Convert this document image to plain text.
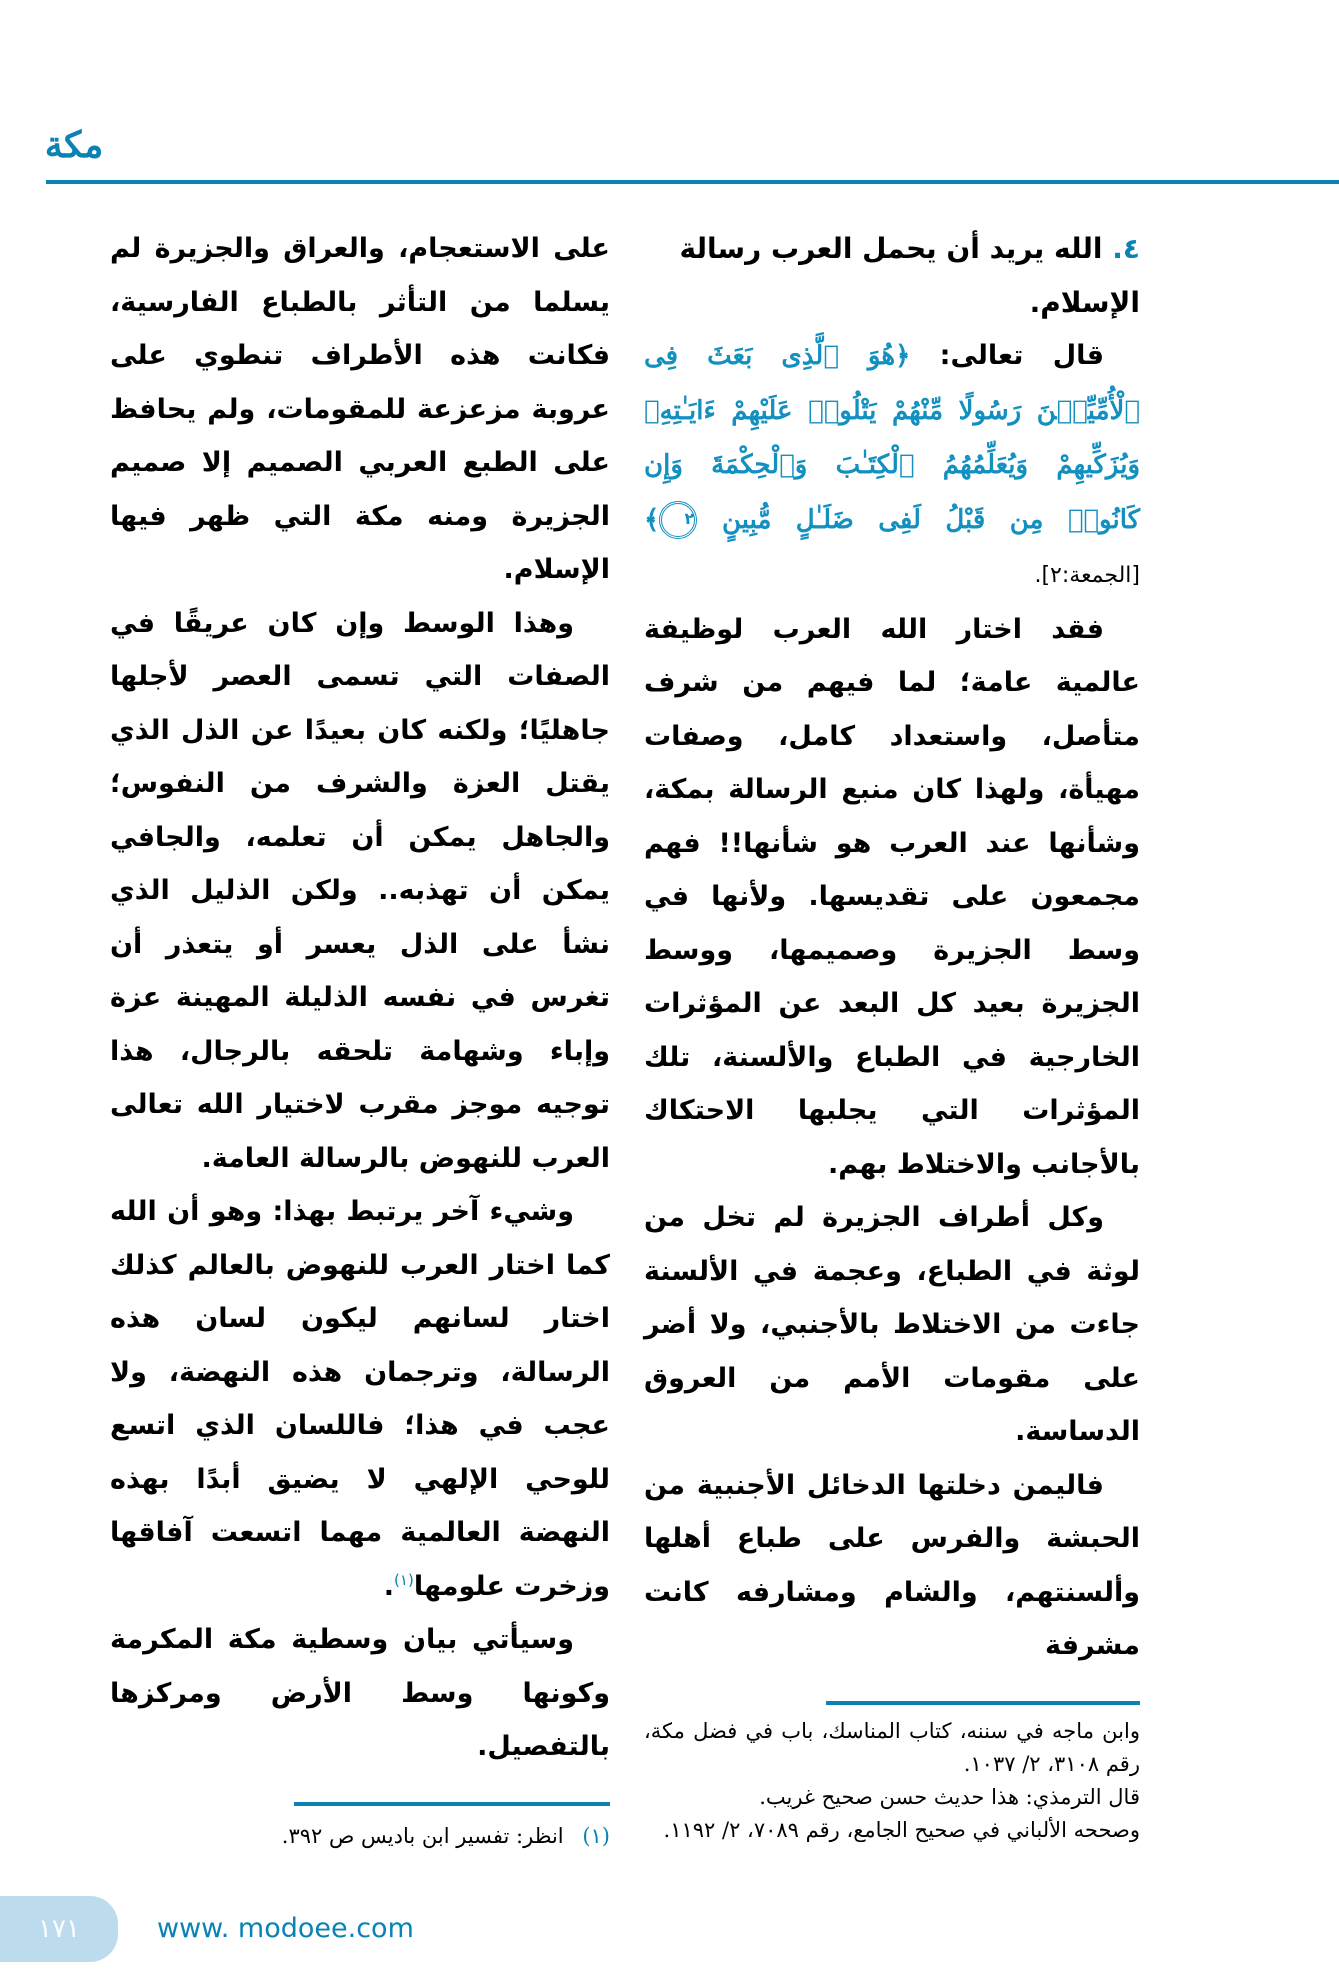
مكة

٤. الله يريد أن يحمل العرب رسالة الإسلام.

قال تعالى: ﴿هُوَ ٱلَّذِى بَعَثَ فِى ٱلْأُمِّيِّـۧنَ رَسُولًا مِّنْهُمْ يَتْلُوا۟ عَلَيْهِمْ ءَايَـٰتِهِۦ وَيُزَكِّيهِمْ وَيُعَلِّمُهُمُ ٱلْكِتَـٰبَ وَٱلْحِكْمَةَ وَإِن كَانُوا۟ مِن قَبْلُ لَفِى ضَلَـٰلٍ مُّبِينٍ ٢﴾ [الجمعة:٢].

فقد اختار الله العرب لوظيفة عالمية عامة؛ لما فيهم من شرف متأصل، واستعداد كامل، وصفات مهيأة، ولهذا كان منبع الرسالة بمكة، وشأنها عند العرب هو شأنها!! فهم مجمعون على تقديسها. ولأنها في وسط الجزيرة وصميمها، ووسط الجزيرة بعيد كل البعد عن المؤثرات الخارجية في الطباع والألسنة، تلك المؤثرات التي يجلبها الاحتكاك بالأجانب والاختلاط بهم.

وكل أطراف الجزيرة لم تخل من لوثة في الطباع، وعجمة في الألسنة جاءت من الاختلاط بالأجنبي، ولا أضر على مقومات الأمم من العروق الدساسة.

فاليمن دخلتها الدخائل الأجنبية من الحبشة والفرس على طباع أهلها وألسنتهم، والشام ومشارفه كانت مشرفة

وابن ماجه في سننه، كتاب المناسك، باب في فضل مكة، رقم ٣١٠٨، ٢/ ١٠٣٧.

قال الترمذي: هذا حديث حسن صحيح غريب.

وصححه الألباني في صحيح الجامع، رقم ٧٠٨٩، ٢/ ١١٩٢.

على الاستعجام، والعراق والجزيرة لم يسلما من التأثر بالطباع الفارسية، فكانت هذه الأطراف تنطوي على عروبة مزعزعة للمقومات، ولم يحافظ على الطبع العربي الصميم إلا صميم الجزيرة ومنه مكة التي ظهر فيها الإسلام.

وهذا الوسط وإن كان عريقًا في الصفات التي تسمى العصر لأجلها جاهليًا؛ ولكنه كان بعيدًا عن الذل الذي يقتل العزة والشرف من النفوس؛ والجاهل يمكن أن تعلمه، والجافي يمكن أن تهذبه.. ولكن الذليل الذي نشأ على الذل يعسر أو يتعذر أن تغرس في نفسه الذليلة المهينة عزة وإباء وشهامة تلحقه بالرجال، هذا توجيه موجز مقرب لاختيار الله تعالى العرب للنهوض بالرسالة العامة.

وشيء آخر يرتبط بهذا: وهو أن الله كما اختار العرب للنهوض بالعالم كذلك اختار لسانهم ليكون لسان هذه الرسالة، وترجمان هذه النهضة، ولا عجب في هذا؛ فاللسان الذي اتسع للوحي الإلهي لا يضيق أبدًا بهذه النهضة العالمية مهما اتسعت آفاقها وزخرت علومها$^{(١)}$.

وسيأتي بيان وسطية مكة المكرمة وكونها وسط الأرض ومركزها بالتفصيل.

(١) انظر: تفسير ابن باديس ص ٣٩٢.
١٧١	www. modoee.com
